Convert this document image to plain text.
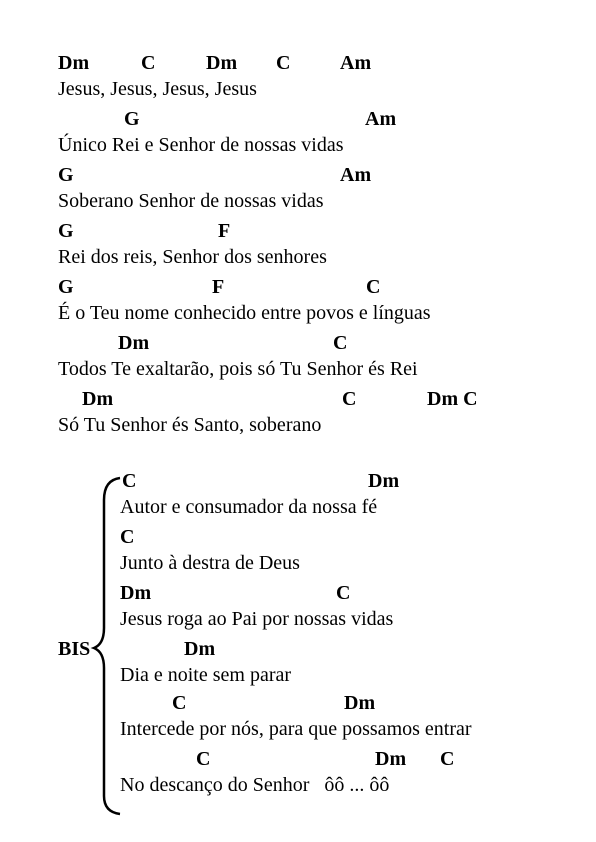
Dm	C	Dm C Am
Jesus, Jesus, Jesus, Jesus
G	Am
Único Rei e Senhor de nossas vidas
G	Am
Soberano Senhor de nossas vidas
G	F
Rei dos reis, Senhor dos senhores
G	F	C
É o Teu nome conhecido entre povos e línguas
Dm	C
Todos Te exaltarão, pois só Tu Senhor és Rei
Dm	C	Dm C
Só Tu Senhor és Santo, soberano
BIS
C	Dm
Autor e consumador da nossa fé
C
Junto à destra de Deus
Dm	C
Jesus roga ao Pai por nossas vidas
Dm
Dia e noite sem parar
C	Dm
Intercede por nós, para que possamos entrar
C	Dm C
No descanço do Senhor   ôô ... ôô
